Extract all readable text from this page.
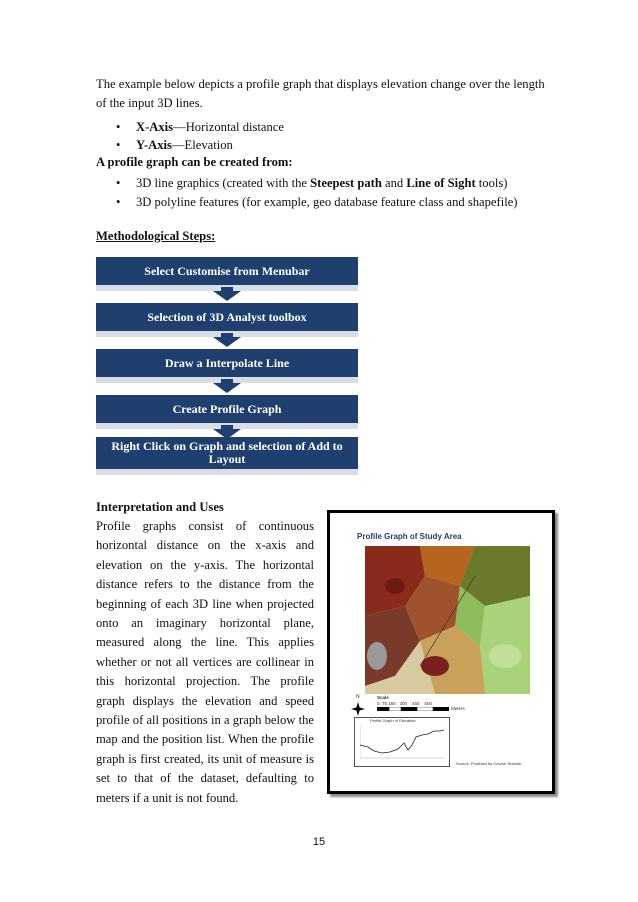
The example below depicts a profile graph that displays elevation change over the length of the input 3D lines.
•	X-Axis—Horizontal distance
•	Y-Axis—Elevation
A profile graph can be created from:
•	3D line graphics (created with the Steepest path and Line of Sight tools)
•	3D polyline features (for example, geo database feature class and shapefile)
Methodological Steps:
Select Customise from Menubar
Selection of 3D Analyst toolbox
Draw a Interpolate Line
Create Profile Graph
Right Click on Graph and selection of Add to Layout
Interpretation and Uses
Profile graphs consist of continuous horizontal distance on the x-axis and elevation on the y-axis. The horizontal distance refers to the distance from the beginning of each 3D line when projected onto an imaginary horizontal plane, measured along the line. This applies whether or not all vertices are collinear in this horizontal projection. The profile graph displays the elevation and speed profile of all positions in a graph below the map and the position list. When the profile graph is first created, its unit of measure is set to that of the dataset, defaulting to meters if a unit is not found.
Profile Graph of Study Area
N	Scale
0  75 150   300    450    600
Meters
Profile Graph of Elevation
Source: Prodided by Course Teacher
15
